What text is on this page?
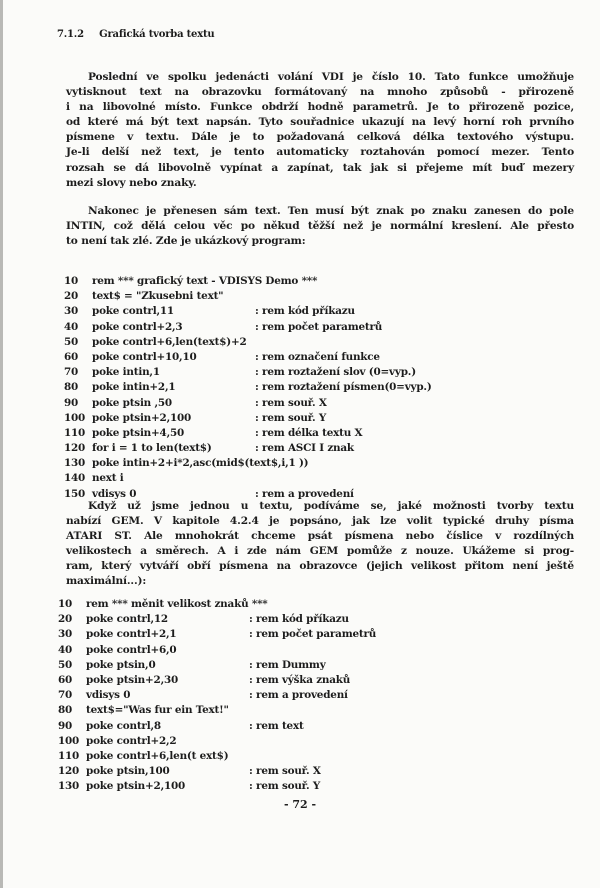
7.1.2 Grafická tvorba textu
Poslední ve spolku jedenácti volání VDI je číslo 10. Tato funkce umožňuje
vytisknout text na obrazovku formátovaný na mnoho způsobů - přirozeně
i na libovolné místo. Funkce obdrží hodně parametrů. Je to přirozeně pozice,
od které má být text napsán. Tyto souřadnice ukazují na levý horní roh prvního
písmene v textu. Dále je to požadovaná celková délka textového výstupu.
Je-li delší než text, je tento automaticky roztahován pomocí mezer. Tento
rozsah se dá libovolně vypínat a zapínat, tak jak si přejeme mít buď mezery
mezi slovy nebo znaky.
Nakonec je přenesen sám text. Ten musí být znak po znaku zanesen do pole
INTIN, což dělá celou věc po někud těžší než je normální kreslení. Ale přesto
to není tak zlé. Zde je ukázkový program:
10 rem *** grafický text - VDISYS Demo ***
20 text$ = "Zkusebni text"
30 poke contrl,11	: rem kód příkazu
40 poke contrl+2,3	: rem počet parametrů
50 poke contrl+6,len(text$)+2
60 poke contrl+10,10	: rem označení funkce
70 poke intin,1	: rem roztažení slov (0=vyp.)
80 poke intin+2,1	: rem roztažení písmen(0=vyp.)
90 poke ptsin ,50	: rem souř. X
100 poke ptsin+2,100	: rem souř. Y
110 poke ptsin+4,50	: rem délka textu X
120 for i = 1 to len(text$)	: rem ASCI I znak
130 poke intin+2+i*2,asc(mid$(text$,i,1 ))
140 next i
150 vdisys 0	: rem a provedení
Když už jsme jednou u textu, podíváme se, jaké možnosti tvorby textu
nabízí GEM. V kapitole 4.2.4 je popsáno, jak lze volit typické druhy písma
ATARI ST. Ale mnohokrát chceme psát písmena nebo číslice v rozdílných
velikostech a směrech. A i zde nám GEM pomůže z nouze. Ukážeme si prog-
ram, který vytváří obří písmena na obrazovce (jejich velikost přitom není ještě
maximální...):
10 rem *** měnit velikost znaků ***
20 poke contrl,12	: rem kód příkazu
30 poke contrl+2,1	: rem počet parametrů
40 poke contrl+6,0
50 poke ptsin,0	: rem Dummy
60 poke ptsin+2,30	: rem výška znaků
70 vdisys 0	: rem a provedení
80 text$="Was fur ein Text!"
90 poke contrl,8	: rem text
100 poke contrl+2,2
110 poke contrl+6,len(t ext$)
120 poke ptsin,100	: rem souř. X
130 poke ptsin+2,100	: rem souř. Y
- 72 -
